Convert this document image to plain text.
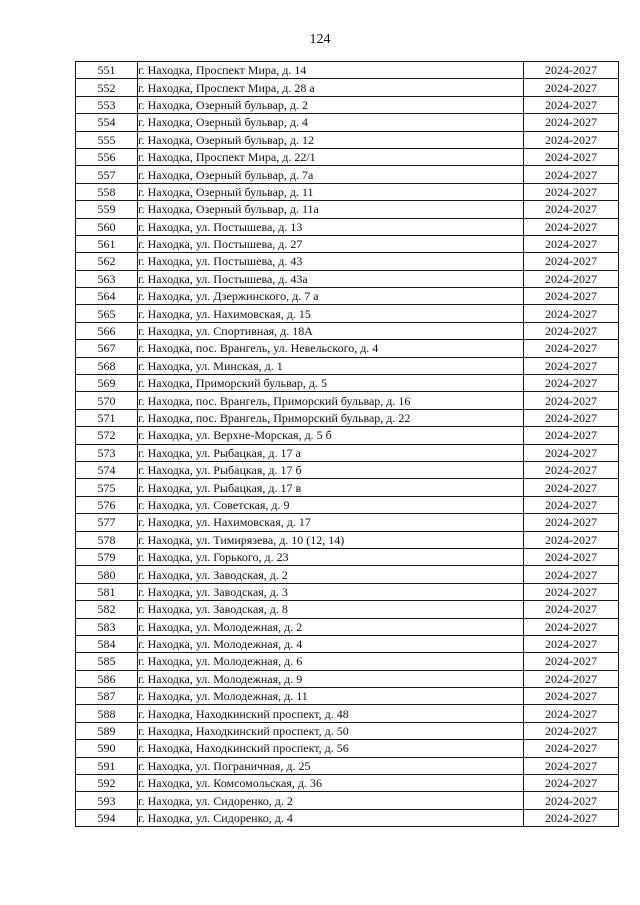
124
551	г. Находка, Проспект Мира, д. 14	2024-2027
552	г. Находка, Проспект Мира, д. 28 а	2024-2027
553	г. Находка, Озерный бульвар, д. 2	2024-2027
554	г. Находка, Озерный бульвар, д. 4	2024-2027
555	г. Находка, Озерный бульвар, д. 12	2024-2027
556	г. Находка, Проспект Мира, д. 22/1	2024-2027
557	г. Находка, Озерный бульвар, д. 7а	2024-2027
558	г. Находка, Озерный бульвар, д. 11	2024-2027
559	г. Находка, Озерный бульвар, д. 11а	2024-2027
560	г. Находка, ул. Постышева, д. 13	2024-2027
561	г. Находка, ул. Постышева, д. 27	2024-2027
562	г. Находка, ул. Постышева, д. 43	2024-2027
563	г. Находка, ул. Постышева, д. 43а	2024-2027
564	г. Находка, ул. Дзержинского, д. 7 а	2024-2027
565	г. Находка, ул. Нахимовская, д. 15	2024-2027
566	г. Находка, ул. Спортивная, д. 18А	2024-2027
567	г. Находка, пос. Врангель, ул. Невельского, д. 4	2024-2027
568	г. Находка, ул. Минская, д. 1	2024-2027
569	г. Находка, Приморский бульвар, д. 5	2024-2027
570	г. Находка, пос. Врангель, Приморский бульвар, д. 16	2024-2027
571	г. Находка, пос. Врангель, Приморский бульвар, д. 22	2024-2027
572	г. Находка, ул. Верхне-Морская, д. 5 б	2024-2027
573	г. Находка, ул. Рыбацкая, д. 17 а	2024-2027
574	г. Находка, ул. Рыбацкая, д. 17 б	2024-2027
575	г. Находка, ул. Рыбацкая, д. 17 в	2024-2027
576	г. Находка, ул. Советская, д. 9	2024-2027
577	г. Находка, ул. Нахимовская, д. 17	2024-2027
578	г. Находка, ул. Тимирязева, д. 10 (12, 14)	2024-2027
579	г. Находка, ул. Горького, д. 23	2024-2027
580	г. Находка, ул. Заводская, д. 2	2024-2027
581	г. Находка, ул. Заводская, д. 3	2024-2027
582	г. Находка, ул. Заводская, д. 8	2024-2027
583	г. Находка, ул. Молодежная, д. 2	2024-2027
584	г. Находка, ул. Молодежная, д. 4	2024-2027
585	г. Находка, ул. Молодежная, д. 6	2024-2027
586	г. Находка, ул. Молодежная, д. 9	2024-2027
587	г. Находка, ул. Молодежная, д. 11	2024-2027
588	г. Находка, Находкинский проспект, д. 48	2024-2027
589	г. Находка, Находкинский проспект, д. 50	2024-2027
590	г. Находка, Находкинский проспект, д. 56	2024-2027
591	г. Находка, ул. Пограничная, д. 25	2024-2027
592	г. Находка, ул. Комсомольская, д. 36	2024-2027
593	г. Находка, ул. Сидоренко, д. 2	2024-2027
594	г. Находка, ул. Сидоренко, д. 4	2024-2027
